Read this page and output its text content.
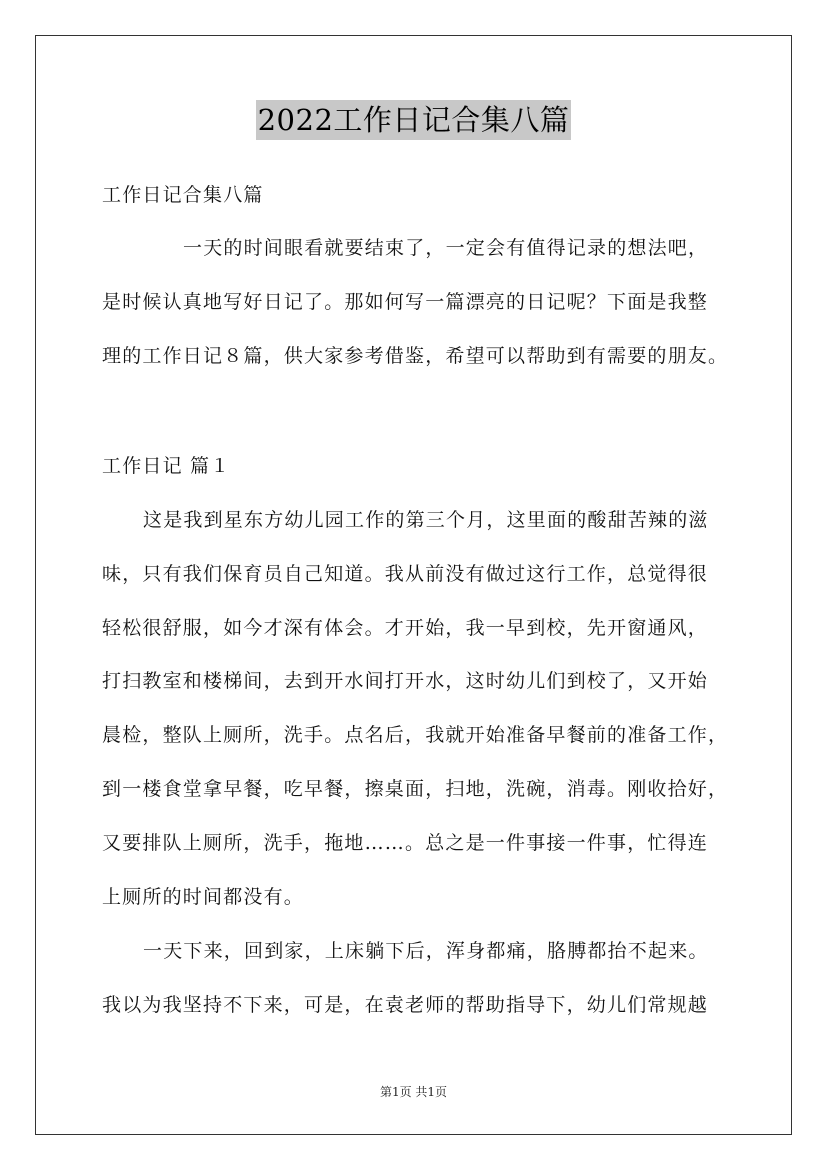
2022工作日记合集八篇
工作日记合集八篇
一天的时间眼看就要结束了，一定会有值得记录的想法吧，
是时候认真地写好日记了。那如何写一篇漂亮的日记呢？下面是我整
理的工作日记８篇，供大家参考借鉴，希望可以帮助到有需要的朋友。
工作日记 篇１
这是我到星东方幼儿园工作的第三个月，这里面的酸甜苦辣的滋
味，只有我们保育员自己知道。我从前没有做过这行工作，总觉得很
轻松很舒服，如今才深有体会。才开始，我一早到校，先开窗通风，
打扫教室和楼梯间，去到开水间打开水，这时幼儿们到校了，又开始
晨检，整队上厕所，洗手。点名后，我就开始准备早餐前的准备工作，
到一楼食堂拿早餐，吃早餐，擦桌面，扫地，洗碗，消毒。刚收拾好，
又要排队上厕所，洗手，拖地……。总之是一件事接一件事，忙得连
上厕所的时间都没有。
一天下来，回到家，上床躺下后，浑身都痛，胳膊都抬不起来。
我以为我坚持不下来，可是，在袁老师的帮助指导下，幼儿们常规越
第1页 共1页
